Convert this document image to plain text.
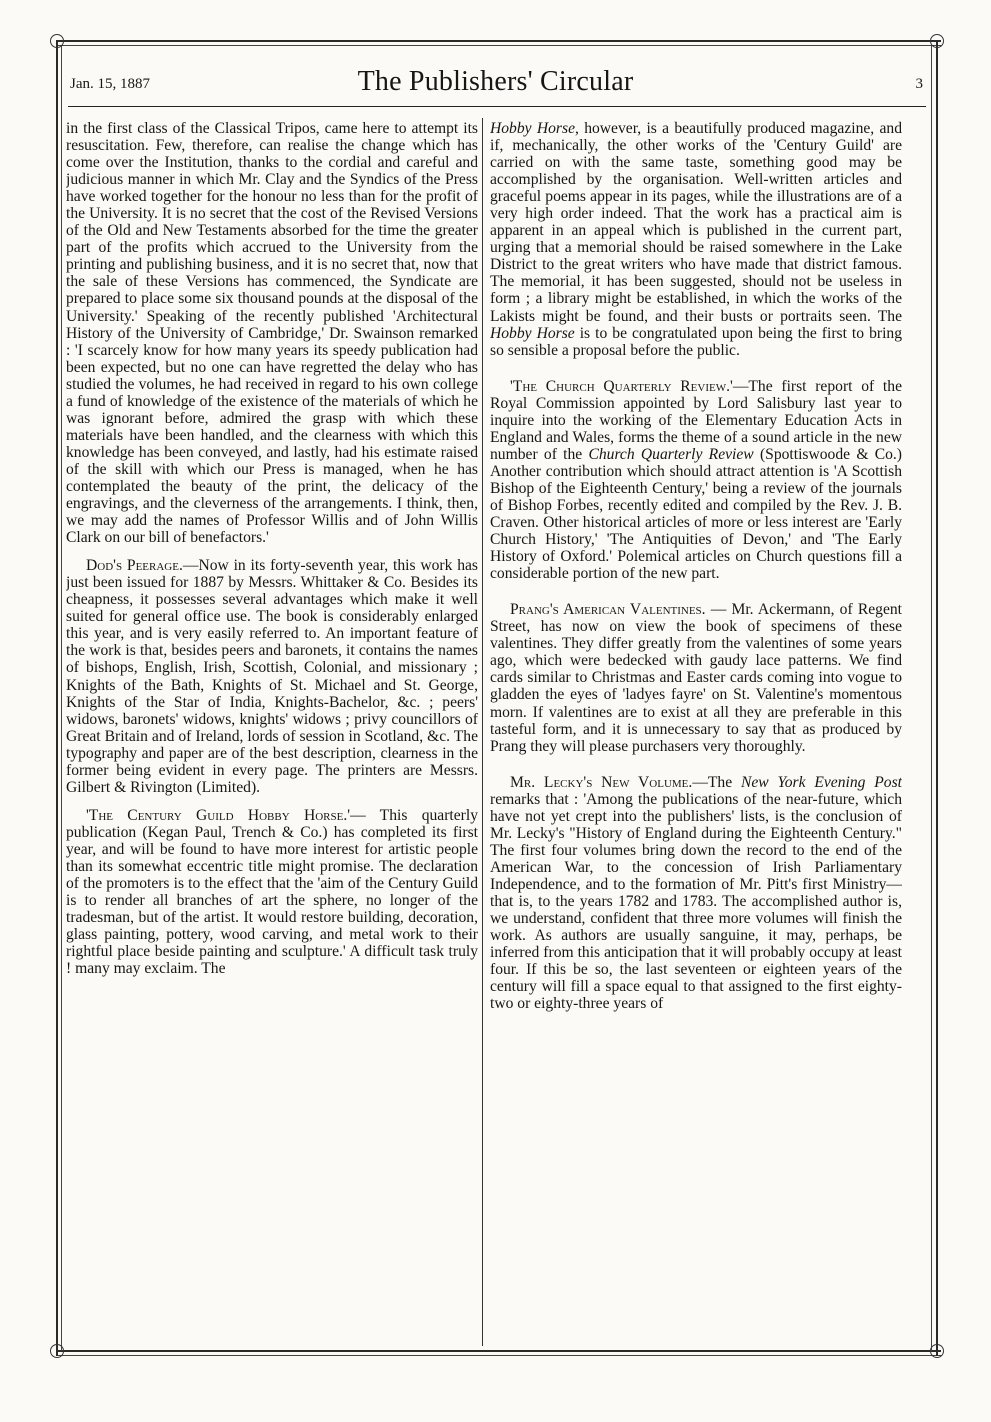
Jan. 15, 1887	The Publishers' Circular	3

in the first class of the Classical Tripos, came here to attempt its resuscitation. Few, therefore, can realise the change which has come over the Institution, thanks to the cordial and careful and judicious manner in which Mr. Clay and the Syndics of the Press have worked together for the honour no less than for the profit of the University. It is no secret that the cost of the Revised Versions of the Old and New Testaments absorbed for the time the greater part of the profits which accrued to the University from the printing and publishing business, and it is no secret that, now that the sale of these Versions has commenced, the Syndicate are prepared to place some six thousand pounds at the disposal of the University.' Speaking of the recently published 'Architectural History of the University of Cambridge,' Dr. Swainson remarked : 'I scarcely know for how many years its speedy publication had been expected, but no one can have regretted the delay who has studied the volumes, he had received in regard to his own college a fund of knowledge of the existence of the materials of which he was ignorant before, admired the grasp with which these materials have been handled, and the clearness with which this knowledge has been conveyed, and lastly, had his estimate raised of the skill with which our Press is managed, when he has contemplated the beauty of the print, the delicacy of the engravings, and the cleverness of the arrangements. I think, then, we may add the names of Professor Willis and of John Willis Clark on our bill of benefactors.'

Dod's Peerage.—Now in its forty-seventh year, this work has just been issued for 1887 by Messrs. Whittaker & Co. Besides its cheapness, it possesses several advantages which make it well suited for general office use. The book is considerably enlarged this year, and is very easily referred to. An important feature of the work is that, besides peers and baronets, it contains the names of bishops, English, Irish, Scottish, Colonial, and missionary ; Knights of the Bath, Knights of St. Michael and St. George, Knights of the Star of India, Knights-Bachelor, &c. ; peers' widows, baronets' widows, knights' widows ; privy councillors of Great Britain and of Ireland, lords of session in Scotland, &c. The typography and paper are of the best description, clearness in the former being evident in every page. The printers are Messrs. Gilbert & Rivington (Limited).

'The Century Guild Hobby Horse.'— This quarterly publication (Kegan Paul, Trench & Co.) has completed its first year, and will be found to have more interest for artistic people than its somewhat eccentric title might promise. The declaration of the promoters is to the effect that the 'aim of the Century Guild is to render all branches of art the sphere, no longer of the tradesman, but of the artist. It would restore building, decoration, glass painting, pottery, wood carving, and metal work to their rightful place beside painting and sculpture.' A difficult task truly ! many may exclaim. The

Hobby Horse, however, is a beautifully produced magazine, and if, mechanically, the other works of the 'Century Guild' are carried on with the same taste, something good may be accomplished by the organisation. Well-written articles and graceful poems appear in its pages, while the illustrations are of a very high order indeed. That the work has a practical aim is apparent in an appeal which is published in the current part, urging that a memorial should be raised somewhere in the Lake District to the great writers who have made that district famous. The memorial, it has been suggested, should not be useless in form ; a library might be established, in which the works of the Lakists might be found, and their busts or portraits seen. The Hobby Horse is to be congratulated upon being the first to bring so sensible a proposal before the public.

'The Church Quarterly Review.'—The first report of the Royal Commission appointed by Lord Salisbury last year to inquire into the working of the Elementary Education Acts in England and Wales, forms the theme of a sound article in the new number of the Church Quarterly Review (Spottiswoode & Co.) Another contribution which should attract attention is 'A Scottish Bishop of the Eighteenth Century,' being a review of the journals of Bishop Forbes, recently edited and compiled by the Rev. J. B. Craven. Other historical articles of more or less interest are 'Early Church History,' 'The Antiquities of Devon,' and 'The Early History of Oxford.' Polemical articles on Church questions fill a considerable portion of the new part.

Prang's American Valentines. — Mr. Ackermann, of Regent Street, has now on view the book of specimens of these valentines. They differ greatly from the valentines of some years ago, which were bedecked with gaudy lace patterns. We find cards similar to Christmas and Easter cards coming into vogue to gladden the eyes of 'ladyes fayre' on St. Valentine's momentous morn. If valentines are to exist at all they are preferable in this tasteful form, and it is unnecessary to say that as produced by Prang they will please purchasers very thoroughly.

Mr. Lecky's New Volume.—The New York Evening Post remarks that : 'Among the publications of the near-future, which have not yet crept into the publishers' lists, is the conclusion of Mr. Lecky's "History of England during the Eighteenth Century." The first four volumes bring down the record to the end of the American War, to the concession of Irish Parliamentary Independence, and to the formation of Mr. Pitt's first Ministry—that is, to the years 1782 and 1783. The accomplished author is, we understand, confident that three more volumes will finish the work. As authors are usually sanguine, it may, perhaps, be inferred from this anticipation that it will probably occupy at least four. If this be so, the last seventeen or eighteen years of the century will fill a space equal to that assigned to the first eighty-two or eighty-three years of
